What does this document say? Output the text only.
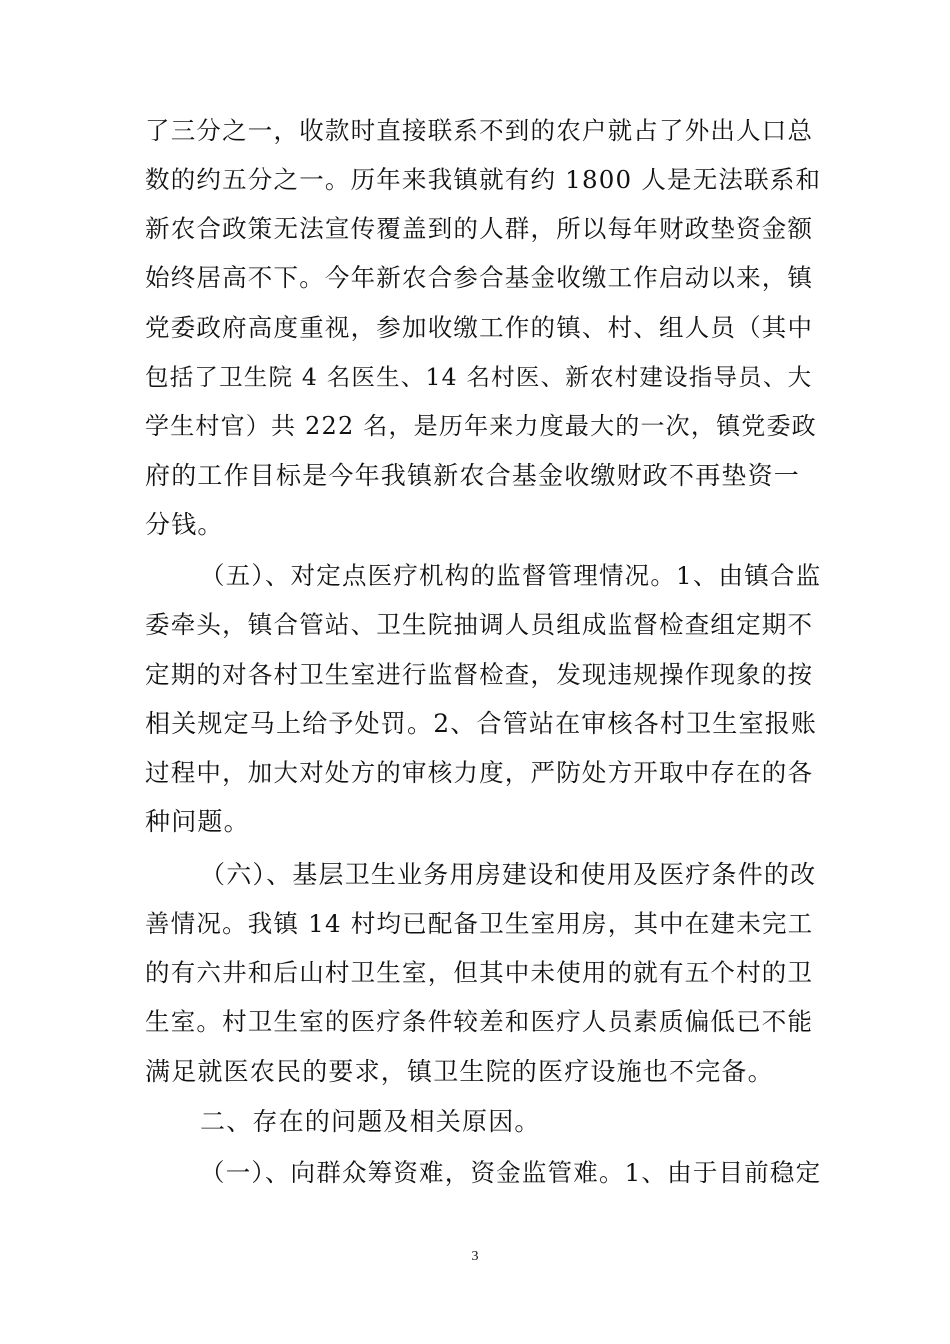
了三分之一，收款时直接联系不到的农户就占了外出人口总
数的约五分之一。历年来我镇就有约 1800 人是无法联系和
新农合政策无法宣传覆盖到的人群，所以每年财政垫资金额
始终居高不下。今年新农合参合基金收缴工作启动以来，镇
党委政府高度重视，参加收缴工作的镇、村、组人员（其中
包括了卫生院 4 名医生、14 名村医、新农村建设指导员、大
学生村官）共 222 名，是历年来力度最大的一次，镇党委政
府的工作目标是今年我镇新农合基金收缴财政不再垫资一
分钱。
（五）、对定点医疗机构的监督管理情况。1、由镇合监
委牵头，镇合管站、卫生院抽调人员组成监督检查组定期不
定期的对各村卫生室进行监督检查，发现违规操作现象的按
相关规定马上给予处罚。2、合管站在审核各村卫生室报账
过程中，加大对处方的审核力度，严防处方开取中存在的各
种问题。
（六）、基层卫生业务用房建设和使用及医疗条件的改
善情况。我镇 14 村均已配备卫生室用房，其中在建未完工
的有六井和后山村卫生室，但其中未使用的就有五个村的卫
生室。村卫生室的医疗条件较差和医疗人员素质偏低已不能
满足就医农民的要求，镇卫生院的医疗设施也不完备。
二、存在的问题及相关原因。
（一）、向群众筹资难，资金监管难。1、由于目前稳定
3
